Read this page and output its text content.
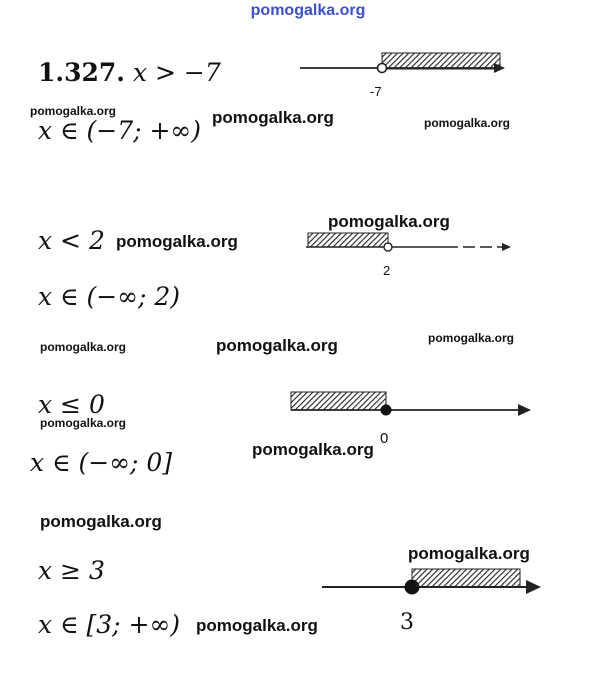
pomogalka.org
1.327. x > −7
x ∈ (−7; +∞)
-7
x < 2
x ∈ (−∞; 2)
2
x ≤ 0
x ∈ (−∞; 0]
0
x ≥ 3
x ∈ [3; +∞)	3
pomogalka.org	pomogalka.org	pomogalka.org
pomogalka.org
pomogalka.org
pomogalka.org
pomogalka.org
pomogalka.org
pomogalka.org
pomogalka.org
pomogalka.org
pomogalka.org
pomogalka.org
